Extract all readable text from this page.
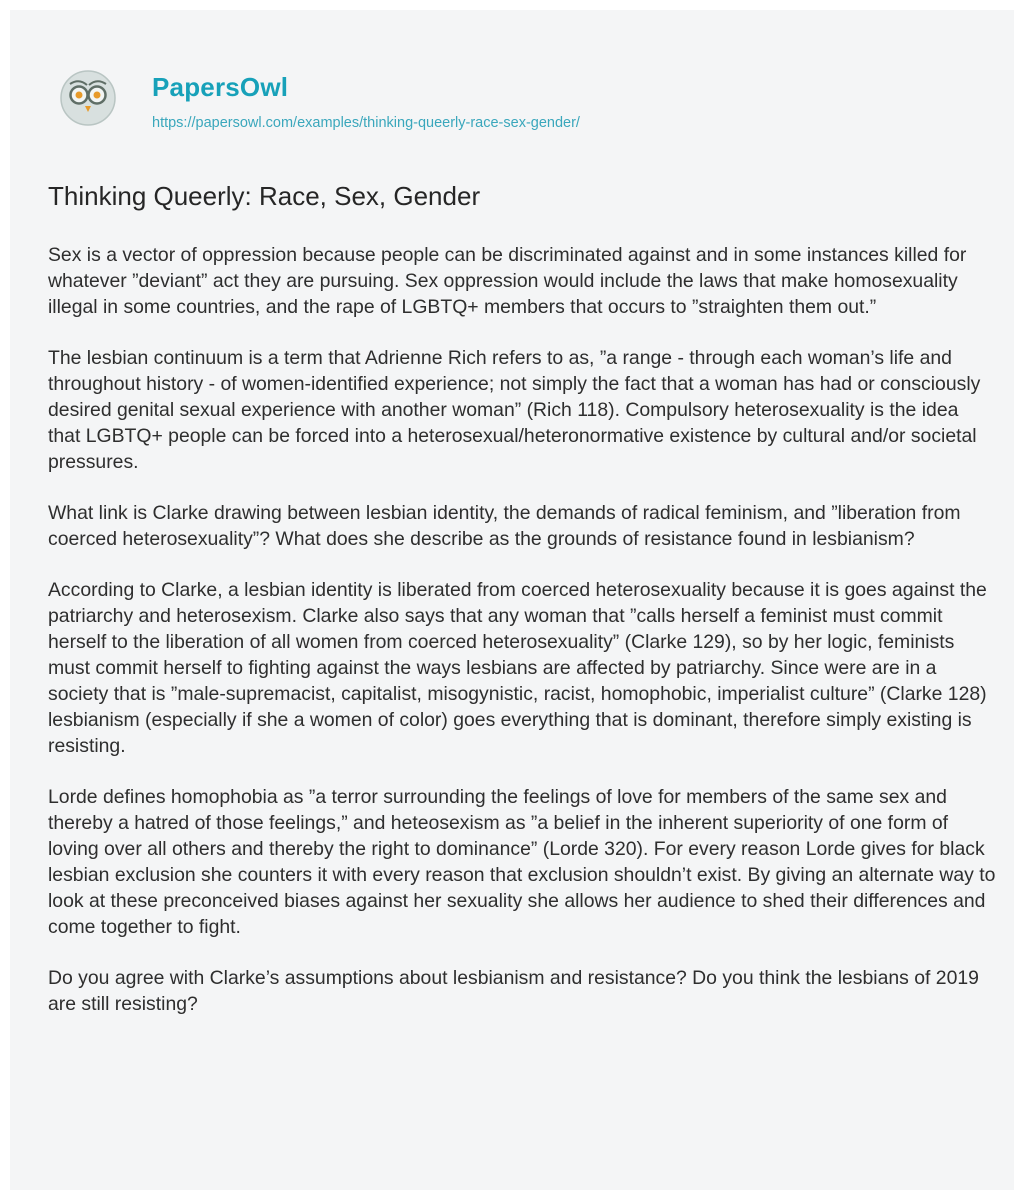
PapersOwl
https://papersowl.com/examples/thinking-queerly-race-sex-gender/
Thinking Queerly: Race, Sex, Gender

Sex is a vector of oppression because people can be discriminated against and in some instances killed for whatever ”deviant” act they are pursuing. Sex oppression would include the laws that make homosexuality illegal in some countries, and the rape of LGBTQ+ members that occurs to ”straighten them out.”

The lesbian continuum is a term that Adrienne Rich refers to as, ”a range - through each woman’s life and throughout history - of women-identified experience; not simply the fact that a woman has had or consciously desired genital sexual experience with another woman” (Rich 118). Compulsory heterosexuality is the idea that LGBTQ+ people can be forced into a heterosexual/heteronormative existence by cultural and/or societal pressures.

What link is Clarke drawing between lesbian identity, the demands of radical feminism, and ”liberation from coerced heterosexuality”? What does she describe as the grounds of resistance found in lesbianism?

According to Clarke, a lesbian identity is liberated from coerced heterosexuality because it is goes against the patriarchy and heterosexism. Clarke also says that any woman that ”calls herself a feminist must commit herself to the liberation of all women from coerced heterosexuality” (Clarke 129), so by her logic, feminists must commit herself to fighting against the ways lesbians are affected by patriarchy. Since were are in a society that is ”male-supremacist, capitalist, misogynistic, racist, homophobic, imperialist culture” (Clarke 128) lesbianism (especially if she a women of color) goes everything that is dominant, therefore simply existing is resisting.

Lorde defines homophobia as ”a terror surrounding the feelings of love for members of the same sex and thereby a hatred of those feelings,” and heteosexism as ”a belief in the inherent superiority of one form of loving over all others and thereby the right to dominance” (Lorde 320). For every reason Lorde gives for black lesbian exclusion she counters it with every reason that exclusion shouldn’t exist. By giving an alternate way to look at these preconceived biases against her sexuality she allows her audience to shed their differences and come together to fight.

Do you agree with Clarke’s assumptions about lesbianism and resistance? Do you think the lesbians of 2019 are still resisting?
